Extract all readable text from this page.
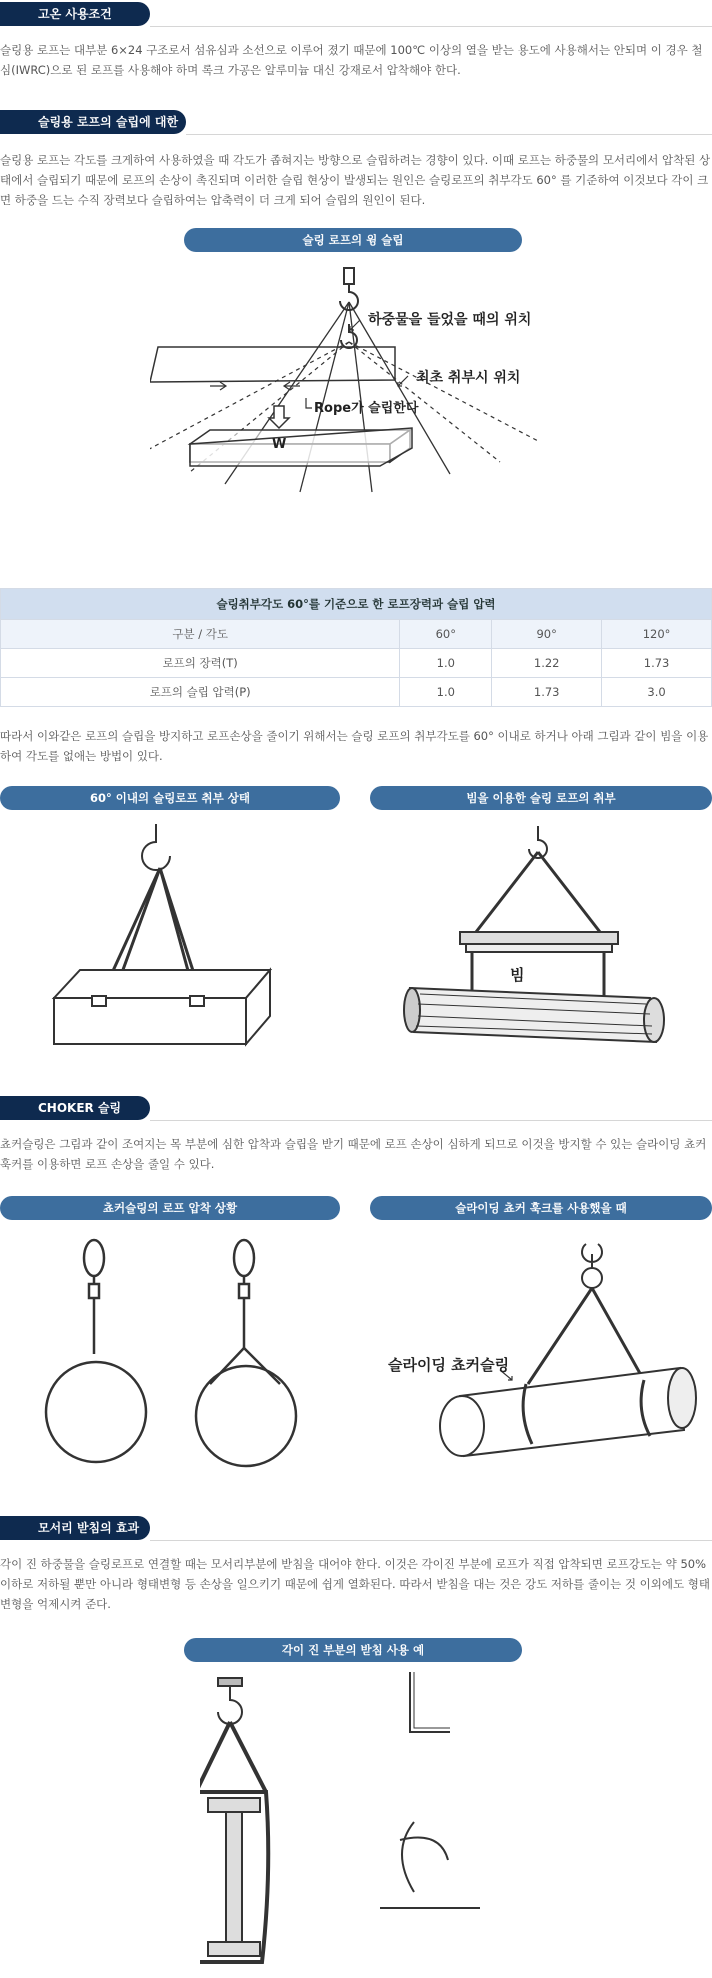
고온 사용조건
슬링용 로프는 대부분 6×24 구조로서 섬유심과 소선으로 이루어 졌기 때문에 100℃ 이상의 열을 받는 용도에 사용해서는 안되며 이 경우 철심(IWRC)으로 된 로프를 사용해야 하며 록크 가공은 알루미늄 대신 강재로서 압착해야 한다.
슬링용 로프의 슬립에 대한 대책
슬링용 로프는 각도를 크게하여 사용하였을 때 각도가 좁혀지는 방향으로 슬립하려는 경향이 있다. 이때 로프는 하중물의 모서리에서 압착된 상태에서 슬립되기 때문에 로프의 손상이 촉진되며 이러한 슬립 현상이 발생되는 원인은 슬링로프의 취부각도 60° 를 기준하여 이것보다 각이 크면 하중을 드는 수직 장력보다 슬립하여는 압축력이 더 크게 되어 슬립의 원인이 된다.
슬링 로프의 윙 슬립
W
하중물을 들었을 때의 위치
최초 취부시 위치
Rope가 슬립한다
슬링취부각도 60°를 기준으로 한 로프장력과 슬립 압력			
구분 / 각도	60°	90°	120°
로프의 장력(T)	1.0	1.22	1.73
로프의 슬립 압력(P)	1.0	1.73	3.0
따라서 이와같은 로프의 슬립을 방지하고 로프손상을 줄이기 위해서는 슬링 로프의 취부각도를 60° 이내로 하거나 아래 그림과 같이 빔을 이용하여 각도를 없애는 방법이 있다.
60° 이내의 슬링로프 취부 상태	빔을 이용한 슬링 로프의 취부
빔
CHOKER 슬링
쵸커슬링은 그림과 같이 조여지는 목 부분에 심한 압착과 슬립을 받기 때문에 로프 손상이 심하게 되므로 이것을 방지할 수 있는 슬라이딩 쵸커 훅커를 이용하면 로프 손상을 줄일 수 있다.
쵸커슬링의 로프 압착 상황	슬라이딩 쵸커 훅크를 사용했을 때
슬라이딩 쵸커슬링
모서리 받침의 효과
각이 진 하중물을 슬링로프로 연결할 때는 모서리부분에 받침을 대어야 한다. 이것은 각이진 부분에 로프가 직접 압착되면 로프강도는 약 50%이하로 저하될 뿐만 아니라 형태변형 등 손상을 일으키기 때문에 쉽게 열화된다. 따라서 받침을 대는 것은 강도 저하를 줄이는 것 이외에도 형태변형을 억제시켜 준다.
각이 진 부분의 받침 사용 예
